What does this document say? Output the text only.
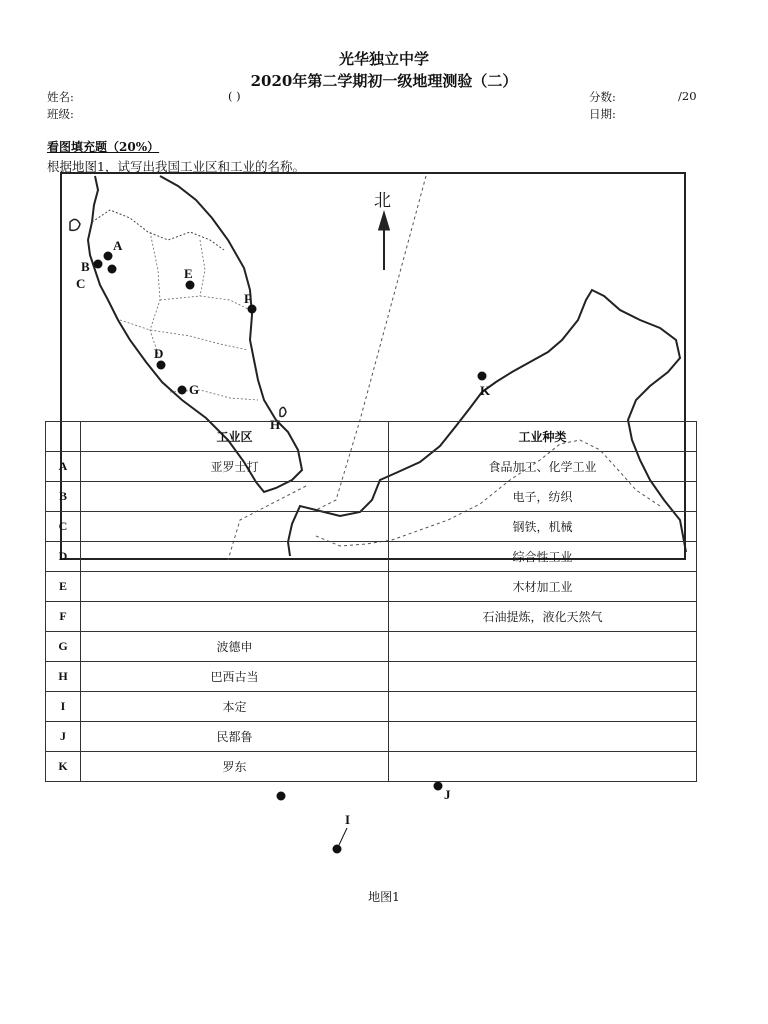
光华独立中学
2020年第二学期初一级地理测验（二）
姓名:	( )	分数:	/20
班级:	日期:
看图填充题（20%）
根据地图1，试写出我国工业区和工业的名称。
A
B
C
D
E
F
G
H
I
J
K
北
	工业区	工业种类
A	亚罗士打	食品加工、化学工业
B		电子，纺织
C		钢铁，机械
D		综合性工业
E		木材加工业
F		石油提炼，液化天然气
G	波德申	
H	巴西古当	
I	本定	
J	民都鲁	
K	罗东	
地图1
